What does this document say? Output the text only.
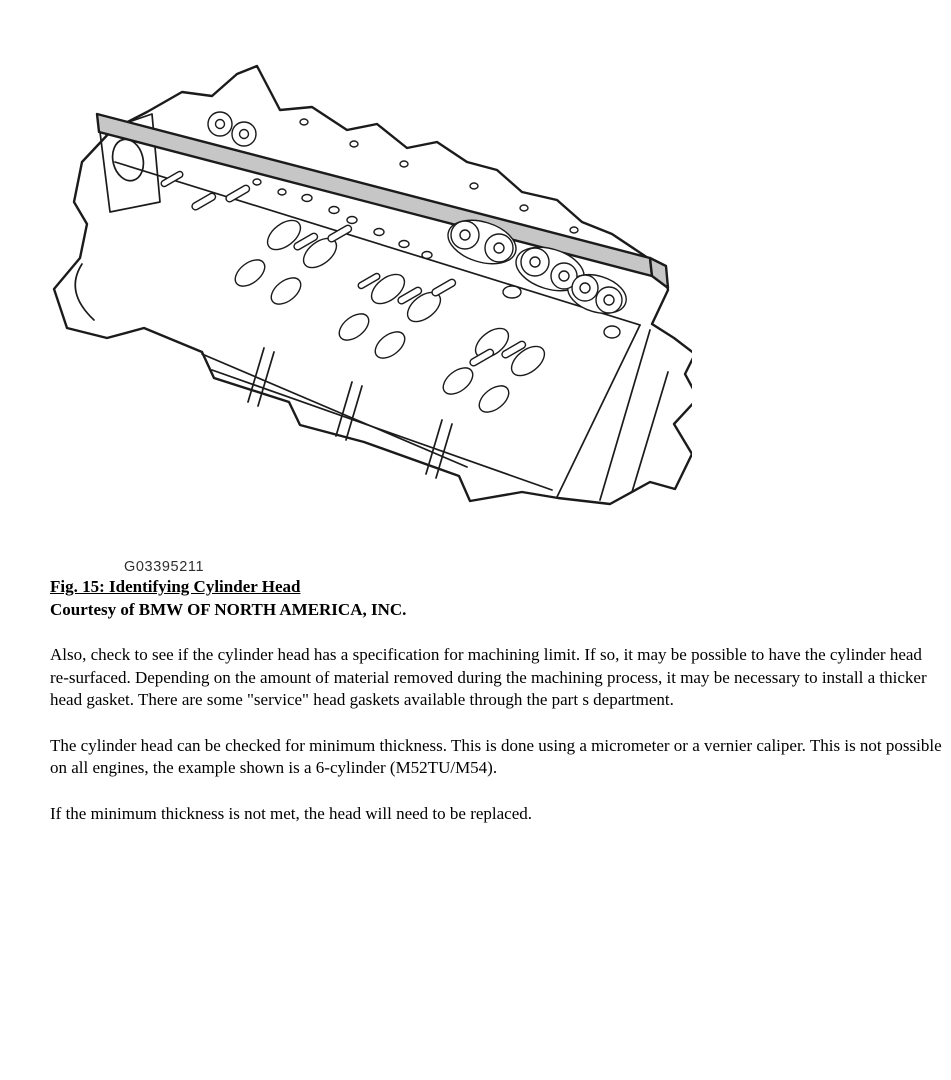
G03395211
Fig. 15: Identifying Cylinder Head
Courtesy of BMW OF NORTH AMERICA, INC.

Also, check to see if the cylinder head has a specification for machining limit. If so, it may be possible to have the cylinder head re-surfaced. Depending on the amount of material removed during the machining process, it may be necessary to install a thicker head gasket. There are some "service" head gaskets available through the part s department.

The cylinder head can be checked for minimum thickness. This is done using a micrometer or a vernier caliper. This is not possible on all engines, the example shown is a 6-cylinder (M52TU/M54).

If the minimum thickness is not met, the head will need to be replaced.
